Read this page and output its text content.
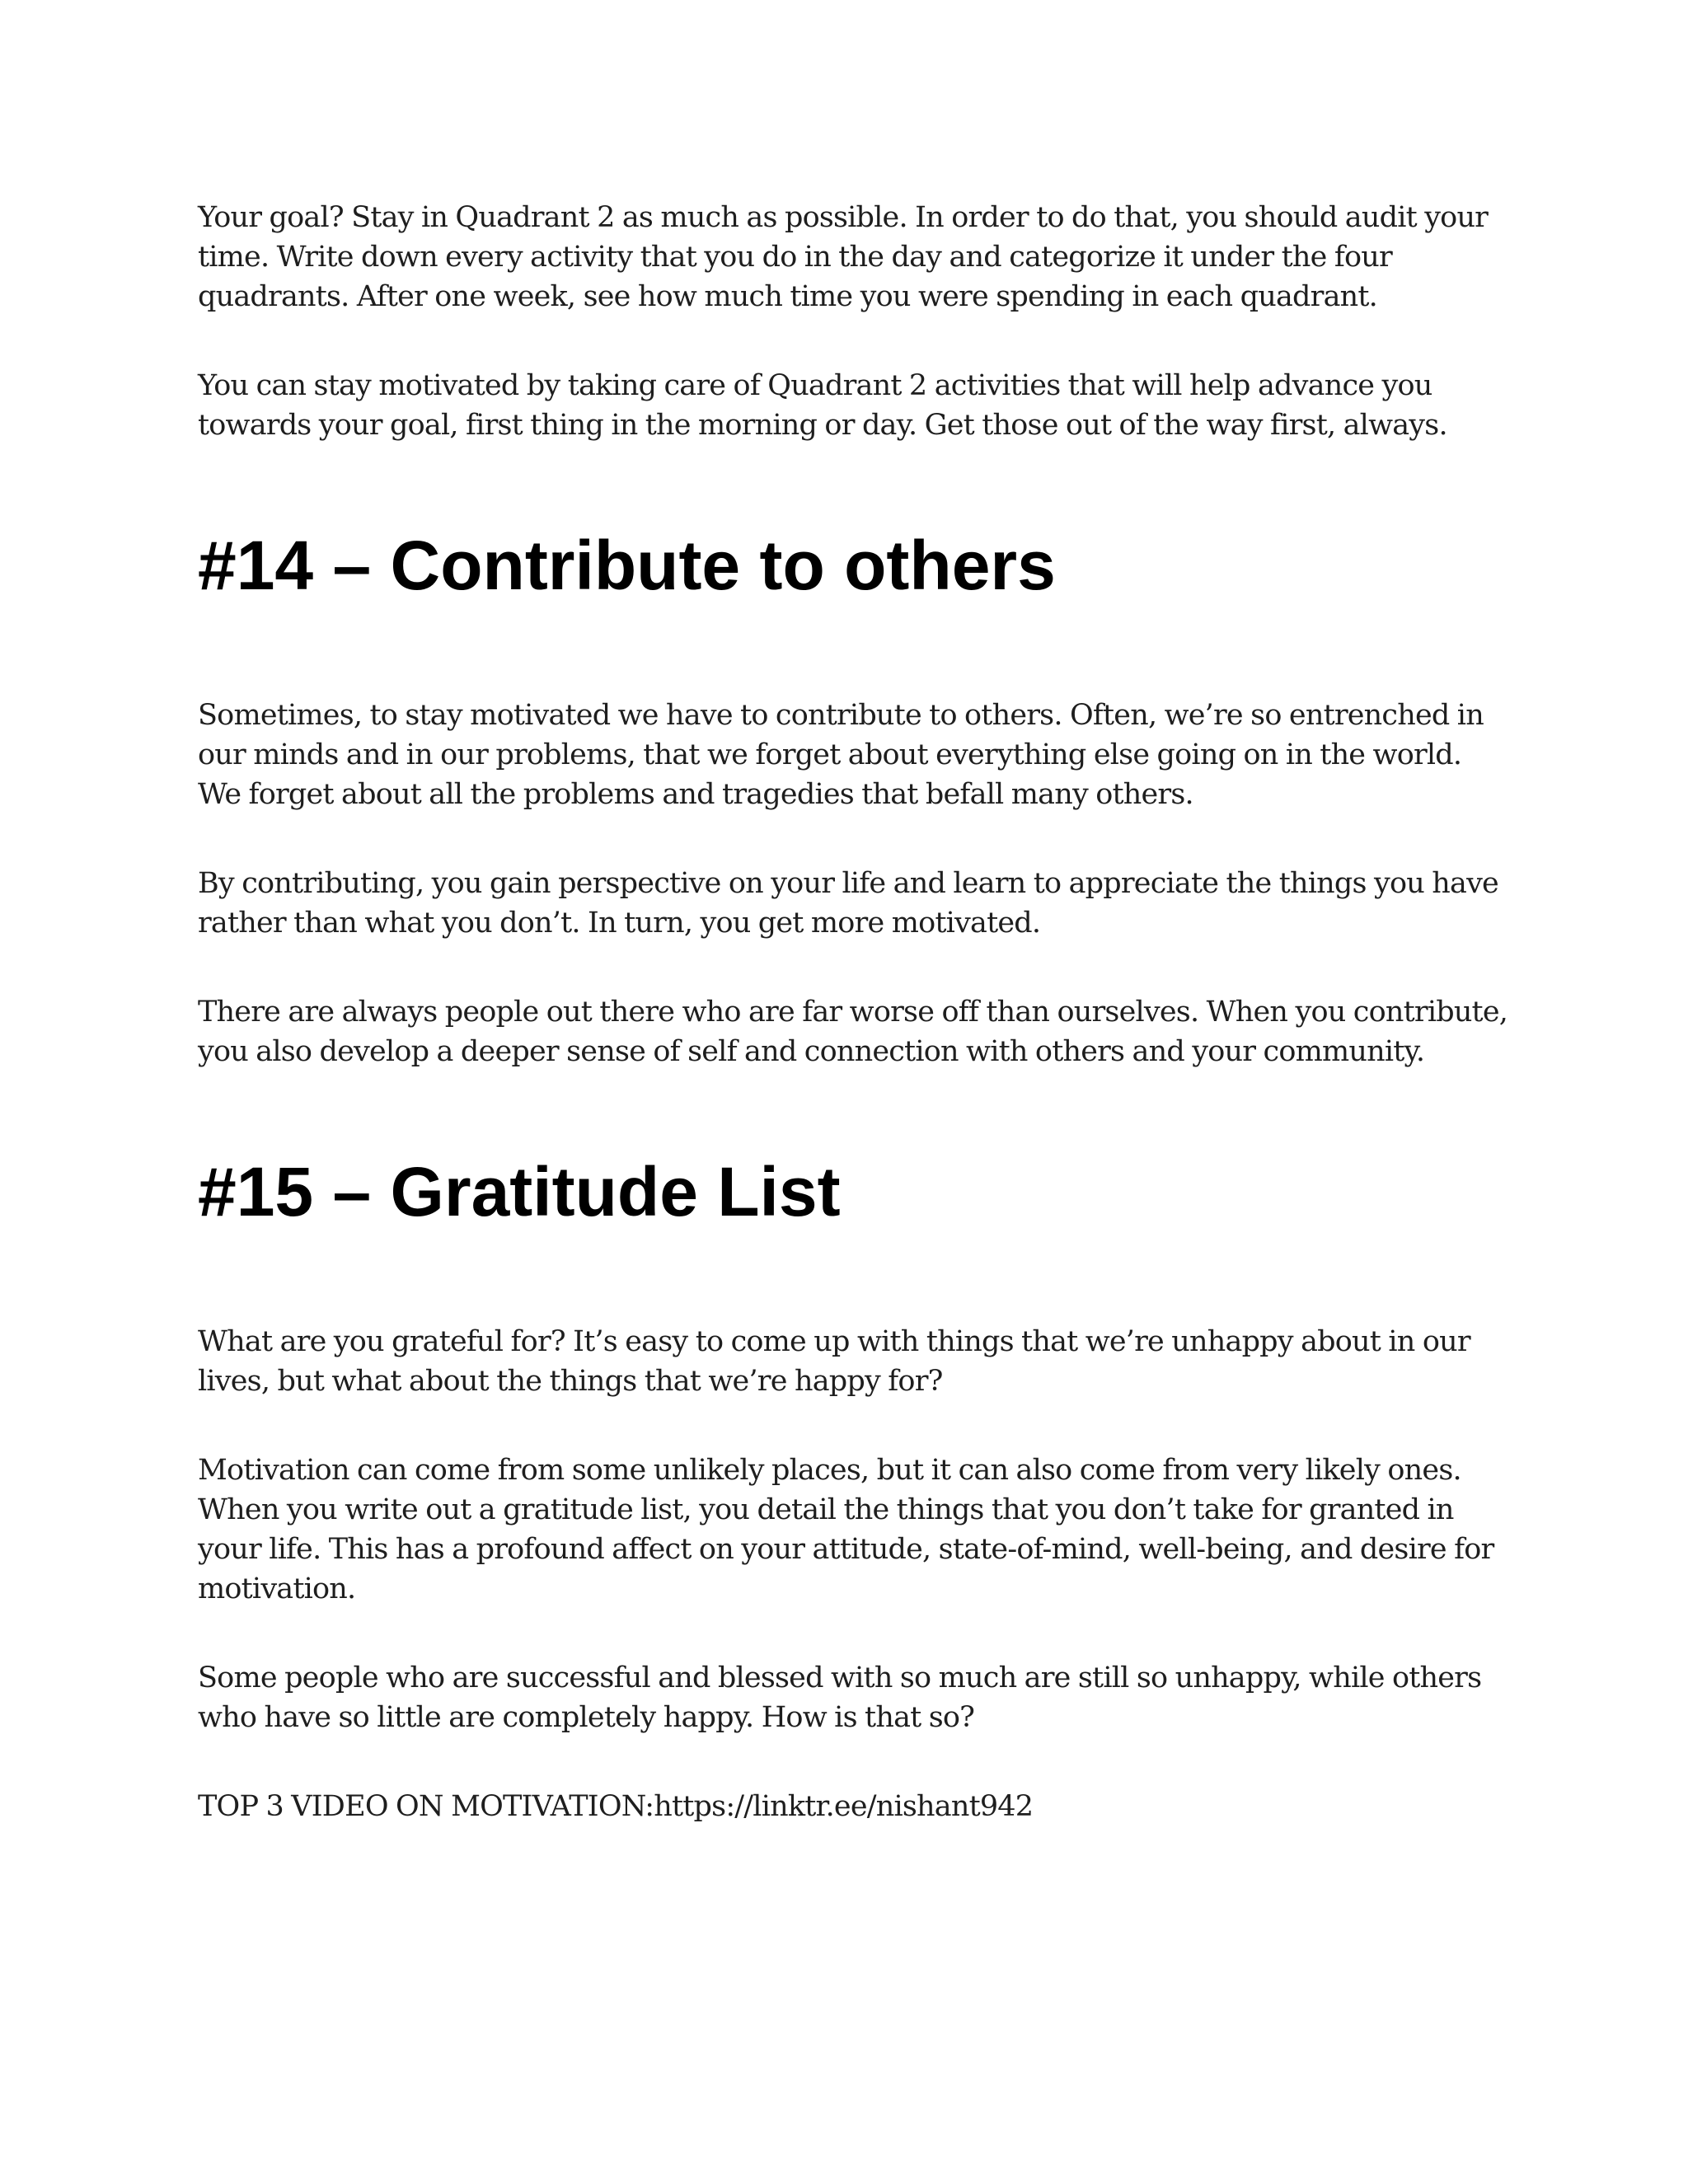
Your goal? Stay in Quadrant 2 as much as possible. In order to do that, you should audit your time. Write down every activity that you do in the day and categorize it under the four quadrants. After one week, see how much time you were spending in each quadrant.

You can stay motivated by taking care of Quadrant 2 activities that will help advance you towards your goal, first thing in the morning or day. Get those out of the way first, always.

#14 – Contribute to others

Sometimes, to stay motivated we have to contribute to others. Often, we’re so entrenched in our minds and in our problems, that we forget about everything else going on in the world. We forget about all the problems and tragedies that befall many others.

By contributing, you gain perspective on your life and learn to appreciate the things you have rather than what you don’t. In turn, you get more motivated.

There are always people out there who are far worse off than ourselves. When you contribute, you also develop a deeper sense of self and connection with others and your community.

#15 – Gratitude List

What are you grateful for? It’s easy to come up with things that we’re unhappy about in our lives, but what about the things that we’re happy for?

Motivation can come from some unlikely places, but it can also come from very likely ones. When you write out a gratitude list, you detail the things that you don’t take for granted in your life. This has a profound affect on your attitude, state-of-mind, well-being, and desire for motivation.

Some people who are successful and blessed with so much are still so unhappy, while others who have so little are completely happy. How is that so?

TOP 3 VIDEO ON MOTIVATION:https://linktr.ee/nishant942
